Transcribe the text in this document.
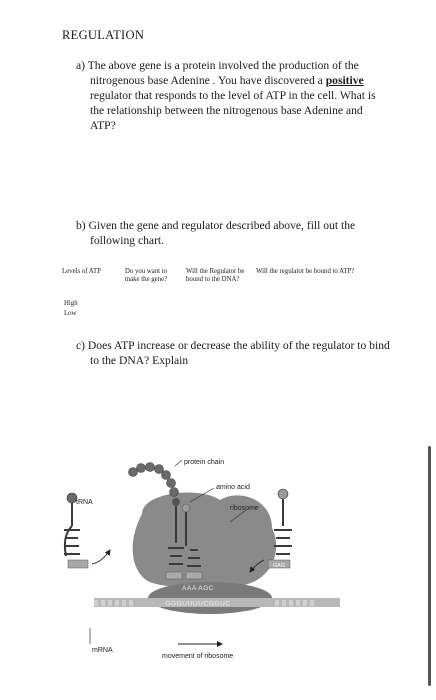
REGULATION
a) The above gene is a protein involved the production of the nitrogenous base Adenine . You have discovered a positive regulator that responds to the level of ATP in the cell. What is the relationship between the nitrogenous base Adenine and ATP?
b) Given the gene and regulator described above, fill out the following chart.
Levels of ATP	Do you want to make the gene?
Will the Regulator be bound to the DNA?
Will the regulator be bound to ATP?
High
Low
c) Does ATP increase or decrease the ability of the regulator to bind to the DNA? Explain
GAG
AAA AGC
GGGUUUUCGGUC
protein chain
amino acid
tRNA
ribosome
mRNA
movement of ribosome
